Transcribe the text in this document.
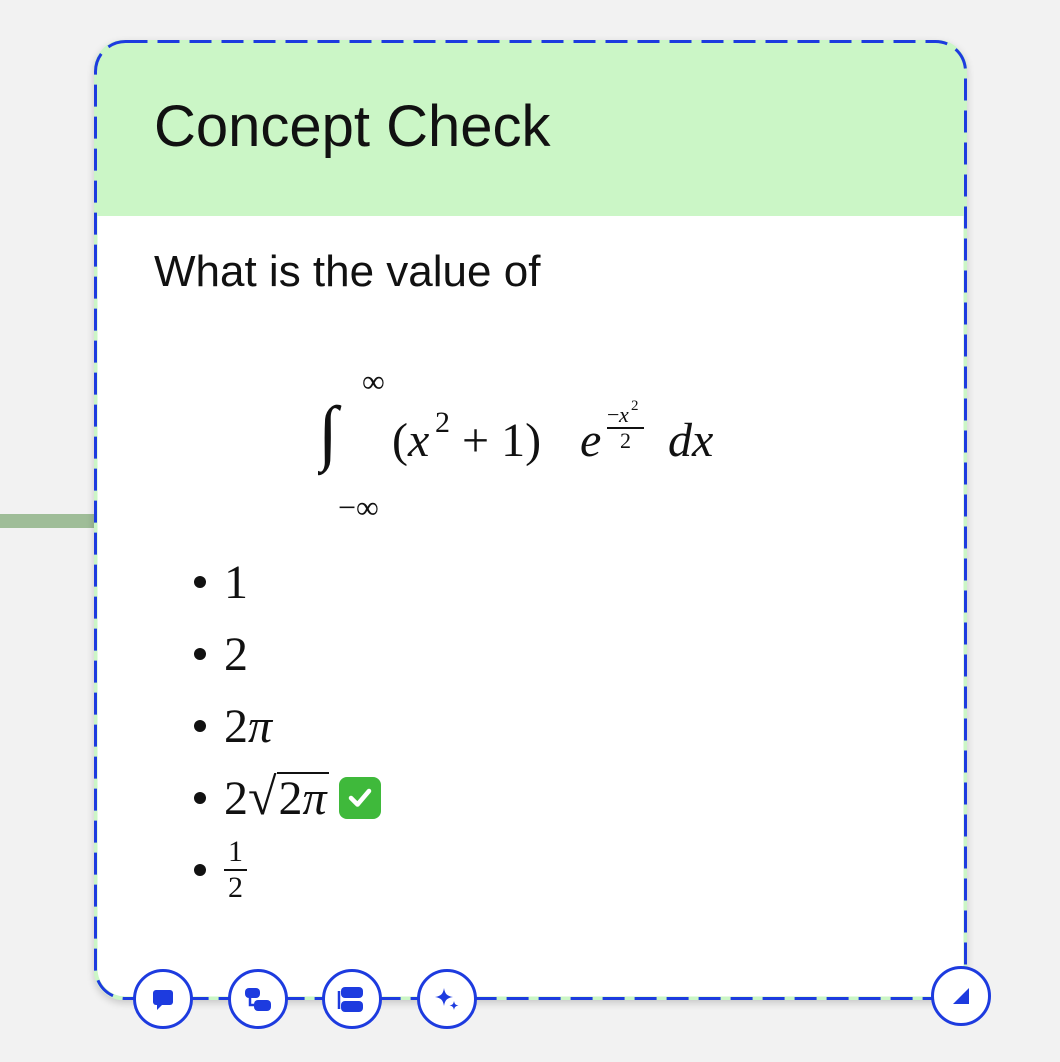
Concept Check

What is the value of

∫
∞
−∞
( x 2 + 1) e − x 2
2 dx
1
2
2 π
2 √ 2π
$\frac{1}{2}$
